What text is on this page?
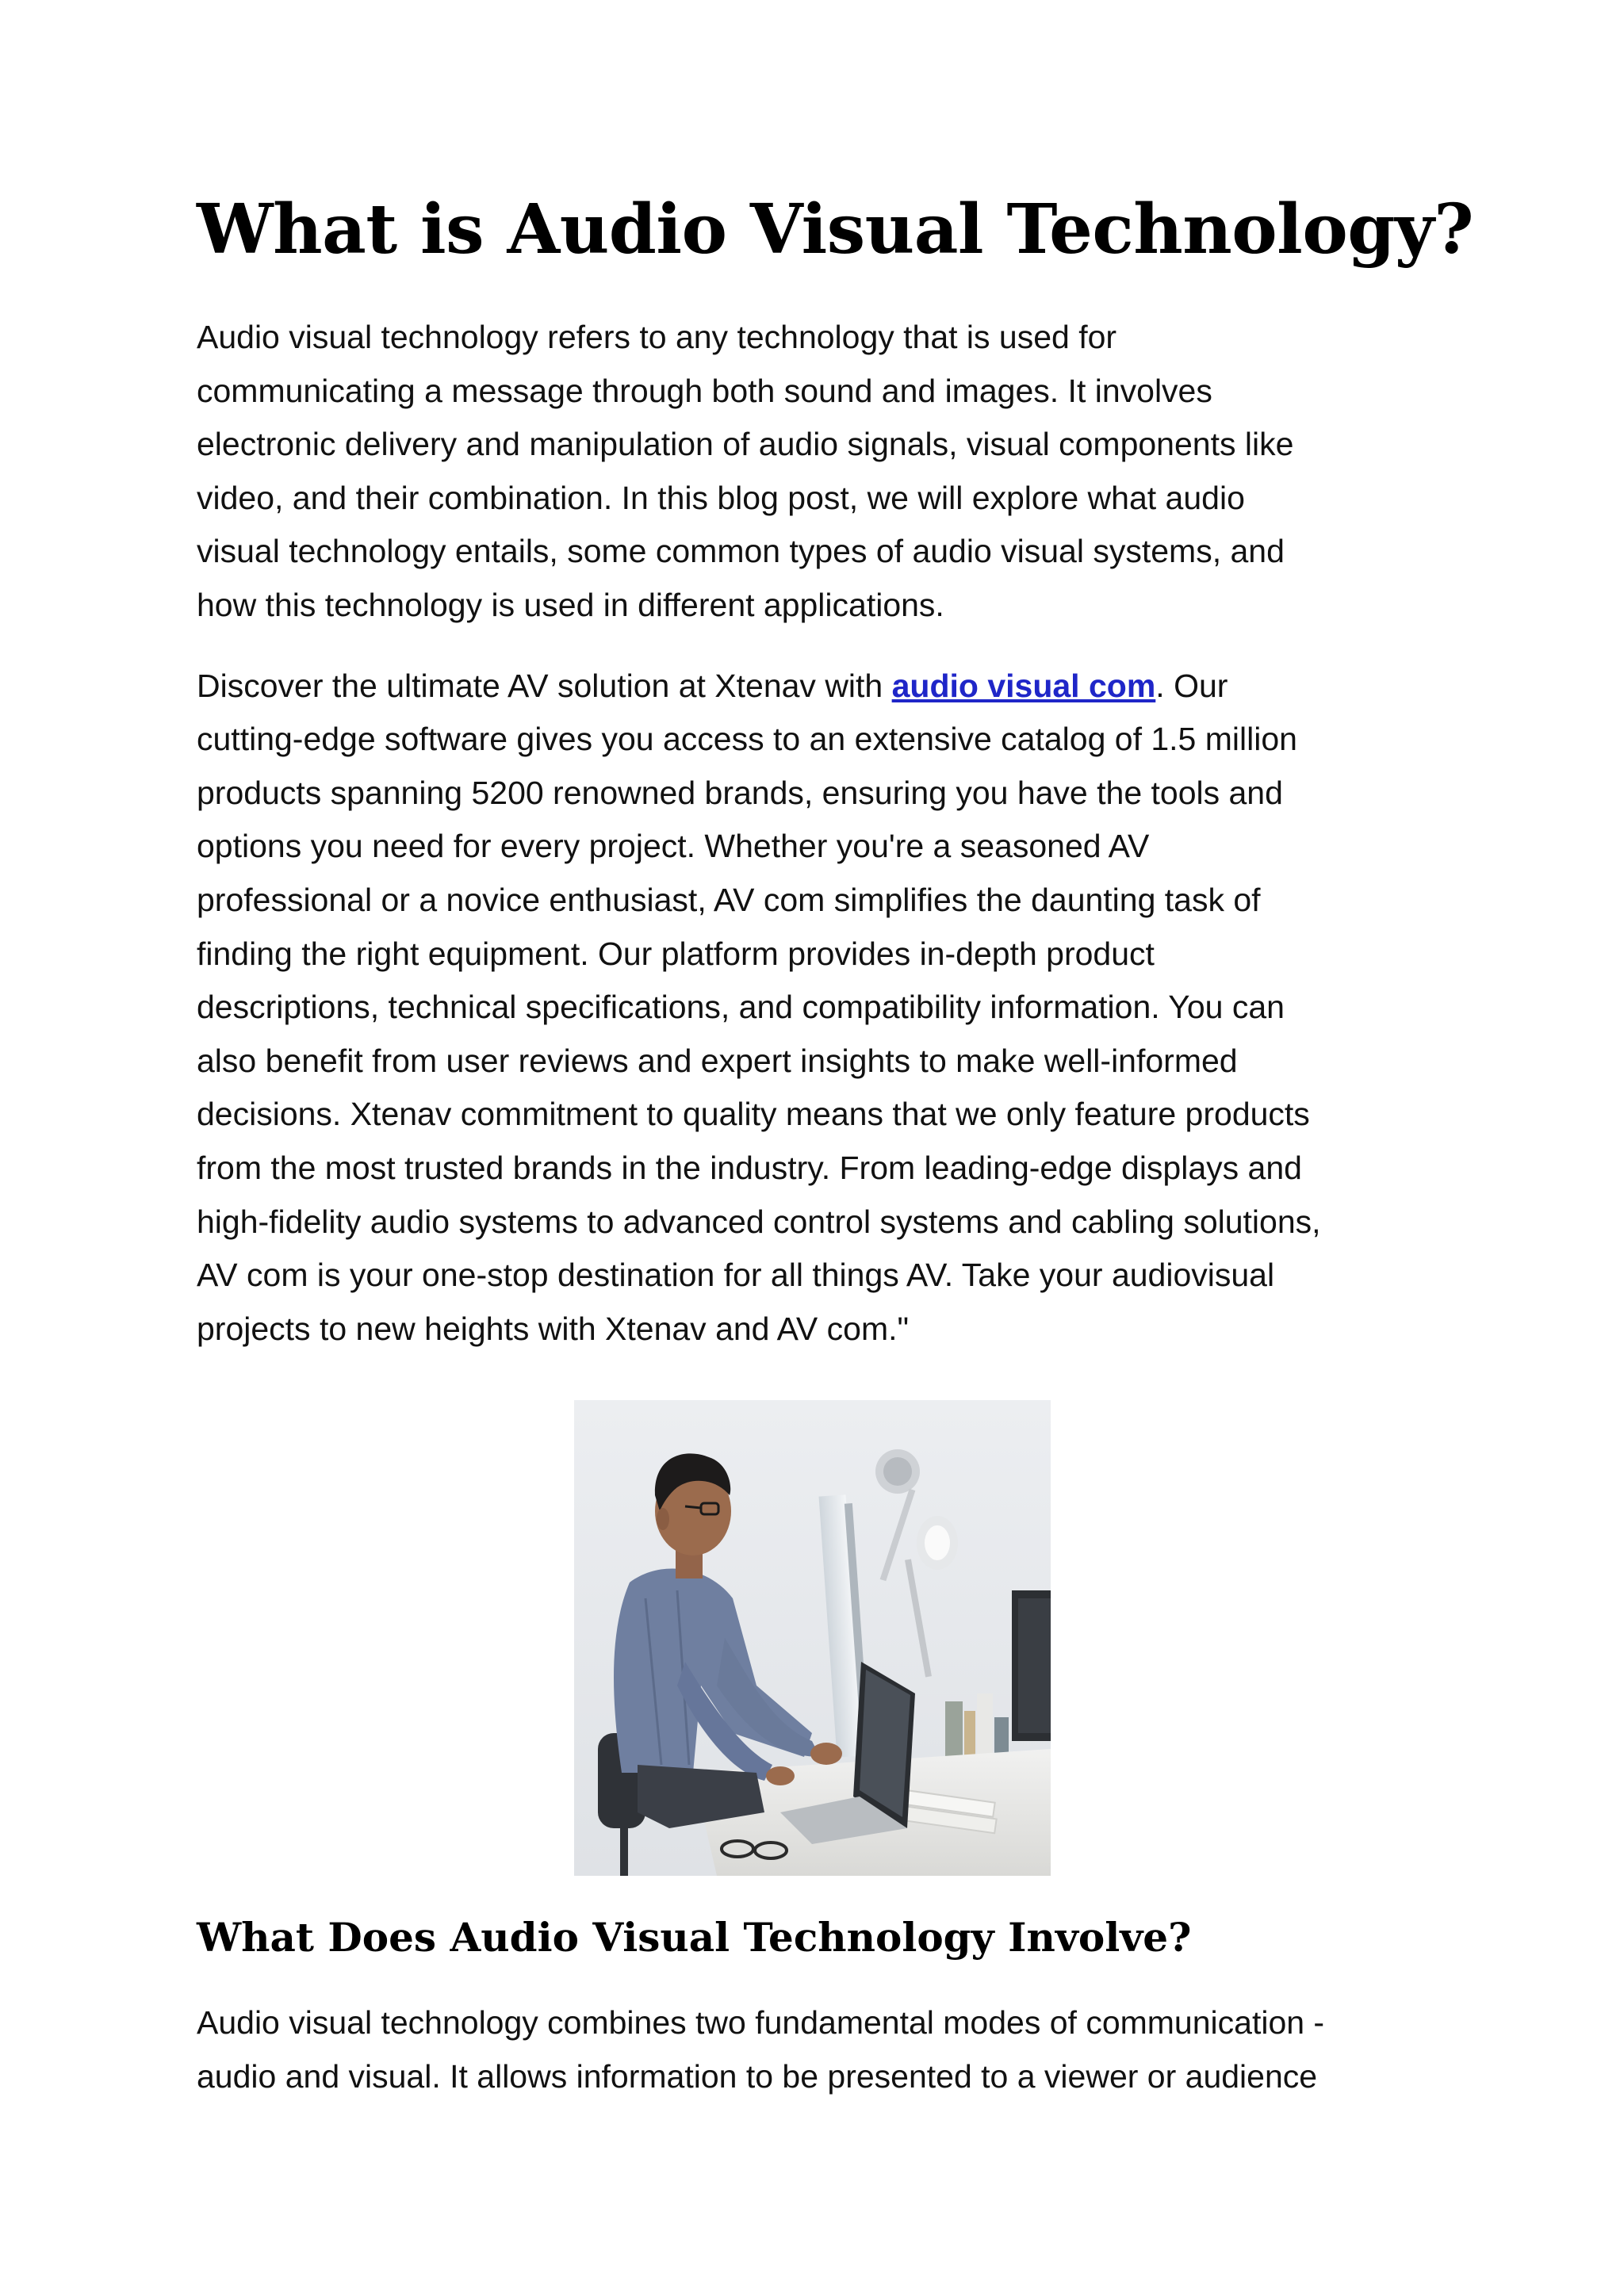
What is Audio Visual Technology?

Audio visual technology refers to any technology that is used for
communicating a message through both sound and images. It involves
electronic delivery and manipulation of audio signals, visual components like
video, and their combination. In this blog post, we will explore what audio
visual technology entails, some common types of audio visual systems, and
how this technology is used in different applications.

Discover the ultimate AV solution at Xtenav with audio visual com. Our
cutting-edge software gives you access to an extensive catalog of 1.5 million
products spanning 5200 renowned brands, ensuring you have the tools and
options you need for every project. Whether you're a seasoned AV
professional or a novice enthusiast, AV com simplifies the daunting task of
finding the right equipment. Our platform provides in-depth product
descriptions, technical specifications, and compatibility information. You can
also benefit from user reviews and expert insights to make well-informed
decisions. Xtenav commitment to quality means that we only feature products
from the most trusted brands in the industry. From leading-edge displays and
high-fidelity audio systems to advanced control systems and cabling solutions,
AV com is your one-stop destination for all things AV. Take your audiovisual
projects to new heights with Xtenav and AV com."

What Does Audio Visual Technology Involve?

Audio visual technology combines two fundamental modes of communication -
audio and visual. It allows information to be presented to a viewer or audience
